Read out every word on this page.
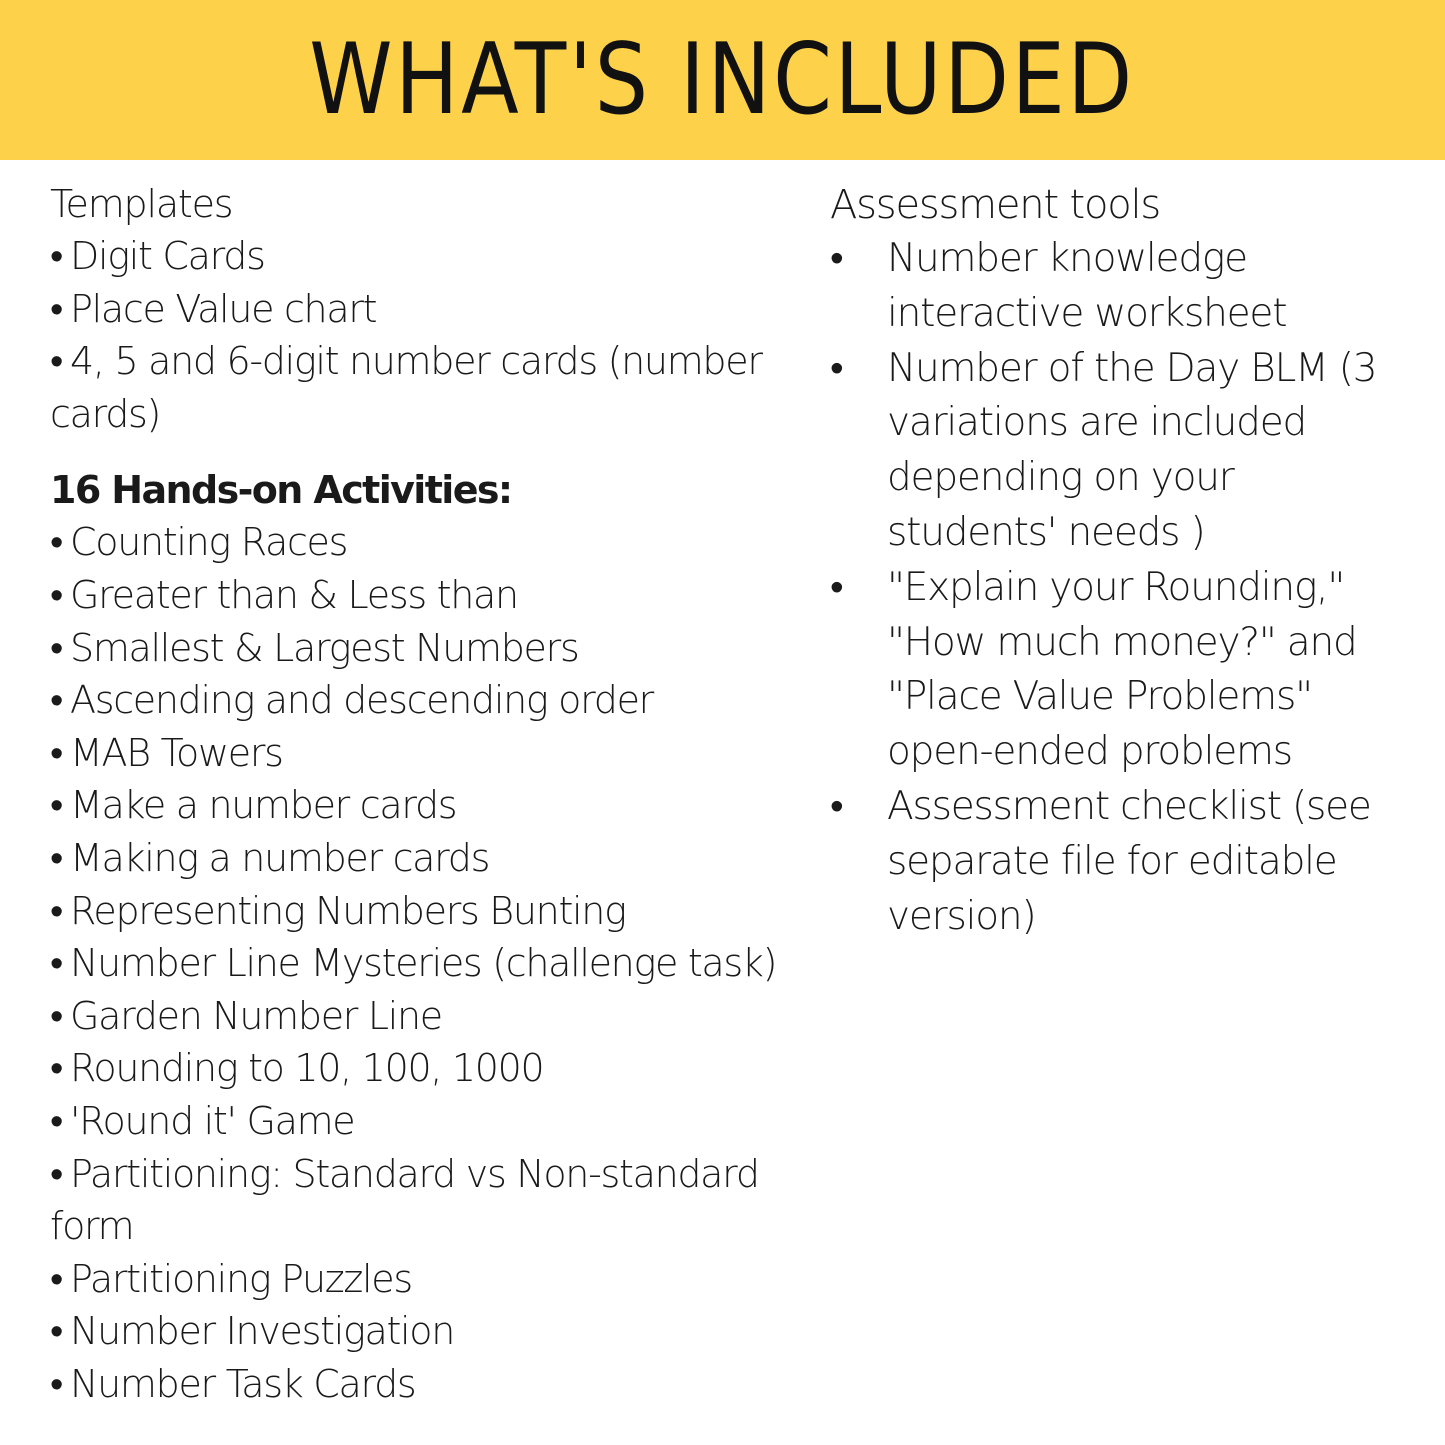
WHAT'S INCLUDED
Templates
• Digit Cards
• Place Value chart
• 4, 5 and 6-digit number cards (number cards)
16 Hands-on Activities:
• Counting Races
• Greater than & Less than
• Smallest & Largest Numbers
• Ascending and descending order
• MAB Towers
• Make a number cards
• Making a number cards
• Representing Numbers Bunting
• Number Line Mysteries (challenge task)
• Garden Number Line
• Rounding to 10, 100, 1000
• 'Round it' Game
• Partitioning: Standard vs Non-standard form
• Partitioning Puzzles
• Number Investigation
• Number Task Cards
Assessment tools
• Number knowledge interactive worksheet
• Number of the Day BLM (3 variations are included depending on your students' needs )
• "Explain your Rounding," "How much money?" and "Place Value Problems" open-ended problems
• Assessment checklist (see separate file for editable version)
